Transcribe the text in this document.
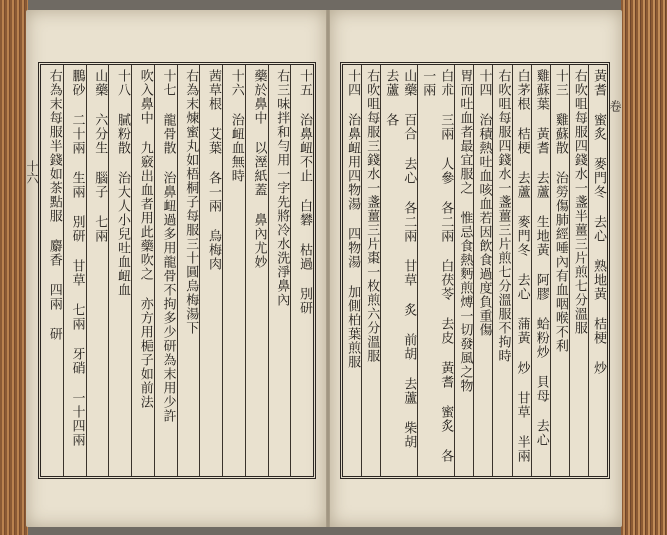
十六	十五 治鼻衄不止 白礬 枯過 別研
右三味拌和勻用一字先將冷水洗淨鼻內
藥於鼻中 以溼紙蓋 鼻內尤妙
十六 治衄血無時
茜草根 艾葉 各一兩 烏梅肉
右為末煉蜜丸如梧桐子每服三十圓烏梅湯下
十七 龍骨散 治鼻衄過多用龍骨不拘多少研為末用少許
吹入鼻中 九竅出血者用此藥吹之 亦方用梔子如前法
十八 膩粉散 治大人小兒吐血衄血
山藥 六分生 腦子 七兩
鵬砂 二十兩 生兩 別研 甘草 七兩 牙硝 一十四兩
右為末每服半錢如茶點服 麝香 四兩 研	卷
黃耆 蜜炙 麥門冬 去心 熟地黃 桔梗 炒
右吹咀每服四錢水一盞半薑三片煎七分溫服
十三 雞蘇散 治勞傷肺經唾內有血咽喉不利
雞蘇葉 黃耆 去蘆 生地黃 阿膠 蛤粉炒 貝母 去心
白茅根 桔梗 去蘆 麥門冬 去心 蒲黃 炒 甘草 半兩
右吹咀每服四錢水一盞薑三片煎七分溫服不拘時
十四 治積熱吐血咳血若因飲食過度負重傷
胃而吐血者最宜服之 惟忌食熱麪煎煿一切發風之物
白朮 三兩 人參 各二兩 白茯苓 去皮 黃耆 蜜炙 各一兩
山藥 百合 去心 各二兩 甘草 炙 前胡 去蘆 柴胡 去蘆 各
右吹咀每服三錢水一盞薑三片棗一枚煎六分溫服
十四 治鼻衄用四物湯 四物湯 加側柏葉煎服
